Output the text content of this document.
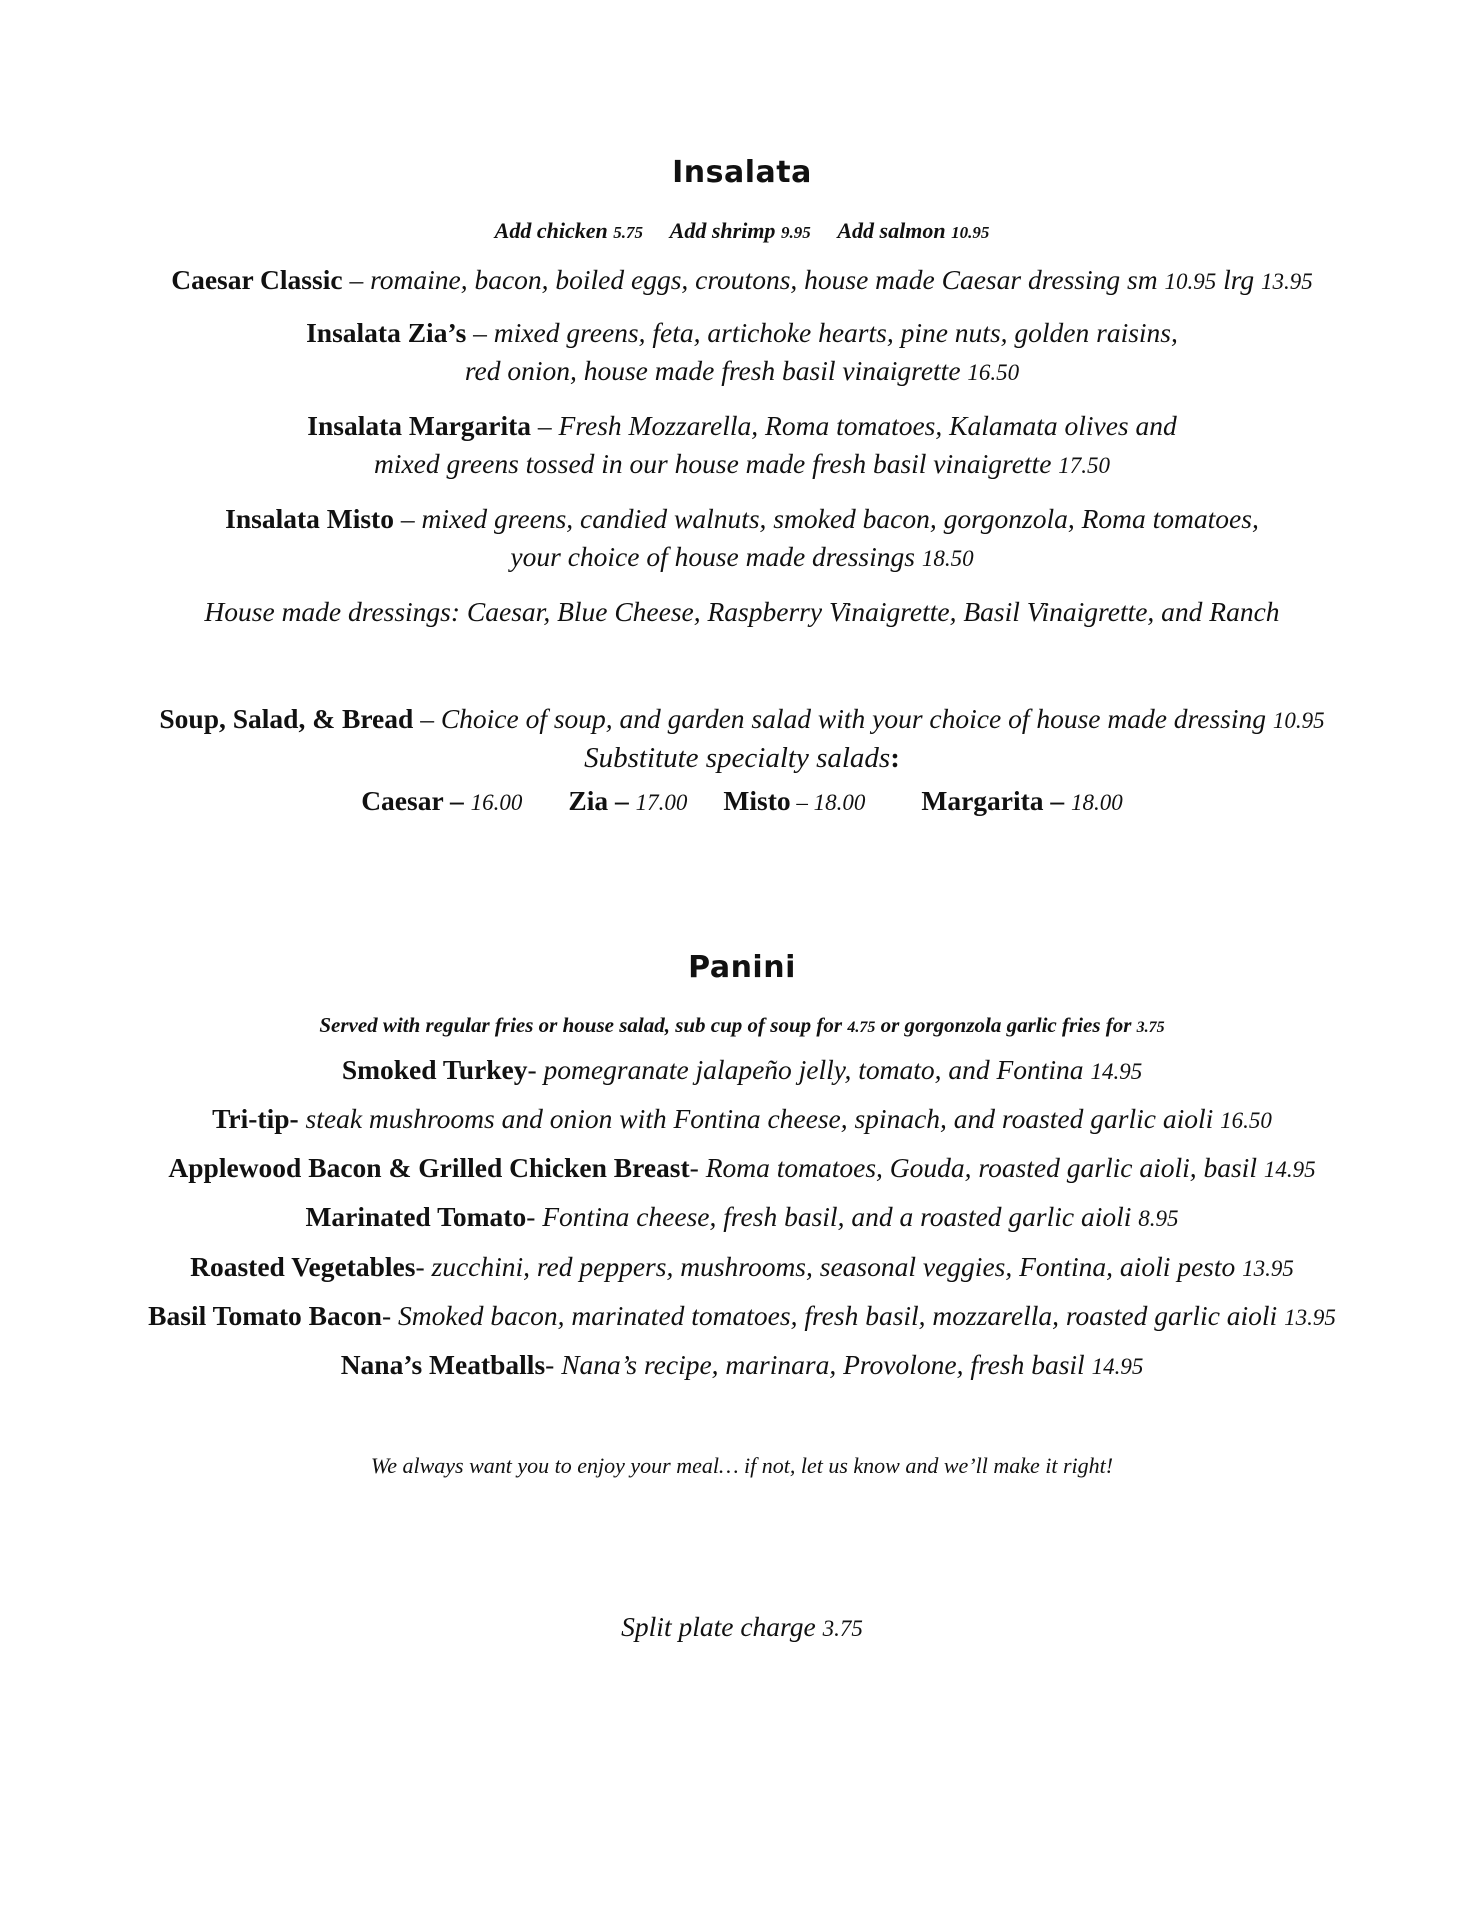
Insalata
Add chicken 5.75 Add shrimp 9.95 Add salmon 10.95
Caesar Classic – romaine, bacon, boiled eggs, croutons, house made Caesar dressing sm 10.95 lrg 13.95
Insalata Zia’s – mixed greens, feta, artichoke hearts, pine nuts, golden raisins,
red onion, house made fresh basil vinaigrette 16.50
Insalata Margarita – Fresh Mozzarella, Roma tomatoes, Kalamata olives and
mixed greens tossed in our house made fresh basil vinaigrette 17.50
Insalata Misto – mixed greens, candied walnuts, smoked bacon, gorgonzola, Roma tomatoes,
your choice of house made dressings 18.50
House made dressings: Caesar, Blue Cheese, Raspberry Vinaigrette, Basil Vinaigrette, and Ranch
Soup, Salad, & Bread – Choice of soup, and garden salad with your choice of house made dressing 10.95
Substitute specialty salads:
Caesar – 16.00 Zia – 17.00 Misto – 18.00 Margarita – 18.00
Panini
Served with regular fries or house salad, sub cup of soup for 4.75 or gorgonzola garlic fries for 3.75
Smoked Turkey- pomegranate jalapeño jelly, tomato, and Fontina 14.95
Tri-tip- steak mushrooms and onion with Fontina cheese, spinach, and roasted garlic aioli 16.50
Applewood Bacon & Grilled Chicken Breast- Roma tomatoes, Gouda, roasted garlic aioli, basil 14.95
Marinated Tomato- Fontina cheese, fresh basil, and a roasted garlic aioli 8.95
Roasted Vegetables- zucchini, red peppers, mushrooms, seasonal veggies, Fontina, aioli pesto 13.95
Basil Tomato Bacon- Smoked bacon, marinated tomatoes, fresh basil, mozzarella, roasted garlic aioli 13.95
Nana’s Meatballs- Nana’s recipe, marinara, Provolone, fresh basil 14.95
We always want you to enjoy your meal… if not, let us know and we’ll make it right!
Split plate charge 3.75
